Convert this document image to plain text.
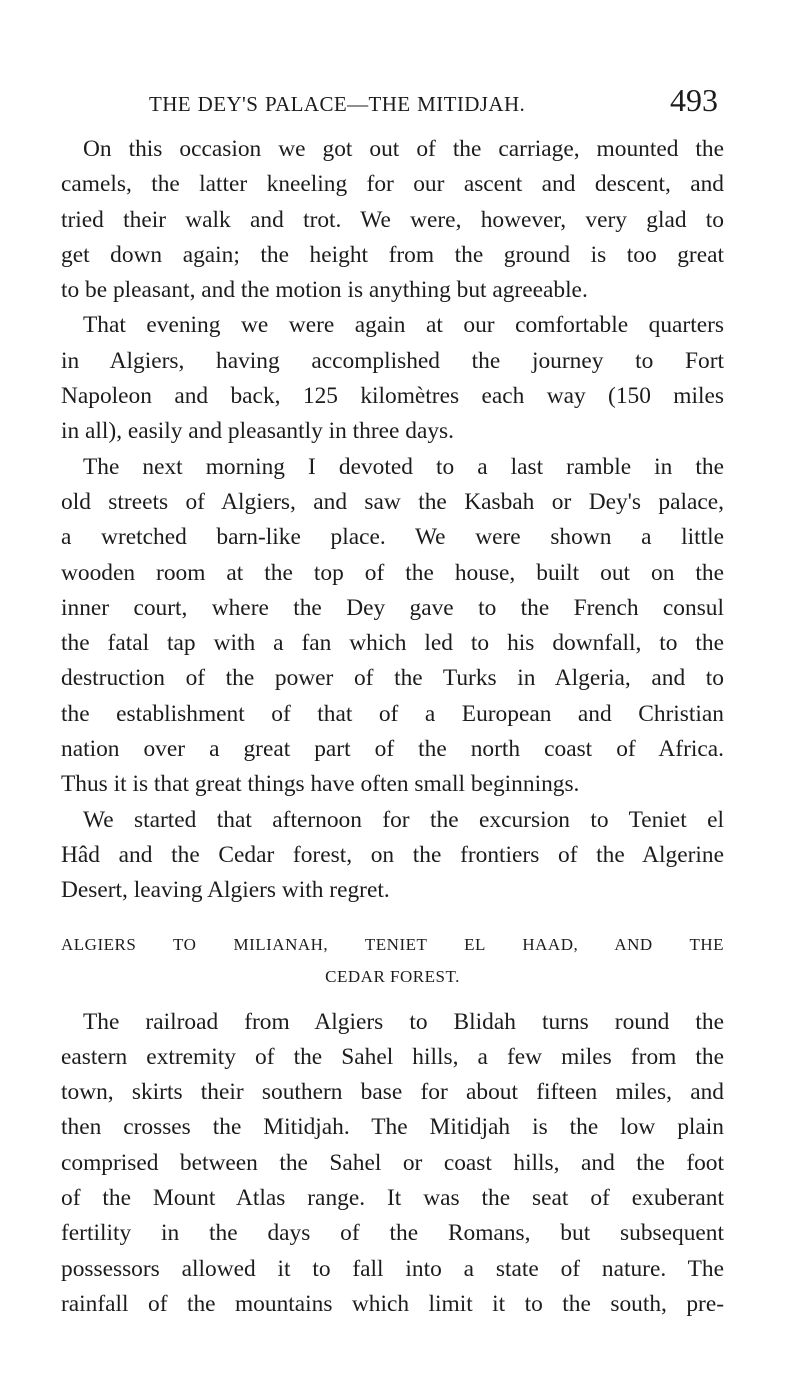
THE DEY'S PALACE—THE MITIDJAH.	493
On this occasion we got out of the carriage, mounted the
camels, the latter kneeling for our ascent and descent, and
tried their walk and trot. We were, however, very glad to
get down again; the height from the ground is too great
to be pleasant, and the motion is anything but agreeable.
That evening we were again at our comfortable quarters
in Algiers, having accomplished the journey to Fort
Napoleon and back, 125 kilomètres each way (150 miles
in all), easily and pleasantly in three days.
The next morning I devoted to a last ramble in the
old streets of Algiers, and saw the Kasbah or Dey's palace,
a wretched barn-like place. We were shown a little
wooden room at the top of the house, built out on the
inner court, where the Dey gave to the French consul
the fatal tap with a fan which led to his downfall, to the
destruction of the power of the Turks in Algeria, and to
the establishment of that of a European and Christian
nation over a great part of the north coast of Africa.
Thus it is that great things have often small beginnings.
We started that afternoon for the excursion to Teniet el
Hâd and the Cedar forest, on the frontiers of the Algerine
Desert, leaving Algiers with regret.
ALGIERS TO MILIANAH, TENIET EL HAAD, AND THE
CEDAR FOREST.
The railroad from Algiers to Blidah turns round the
eastern extremity of the Sahel hills, a few miles from the
town, skirts their southern base for about fifteen miles, and
then crosses the Mitidjah. The Mitidjah is the low plain
comprised between the Sahel or coast hills, and the foot
of the Mount Atlas range. It was the seat of exuberant
fertility in the days of the Romans, but subsequent
possessors allowed it to fall into a state of nature. The
rainfall of the mountains which limit it to the south, pre-
